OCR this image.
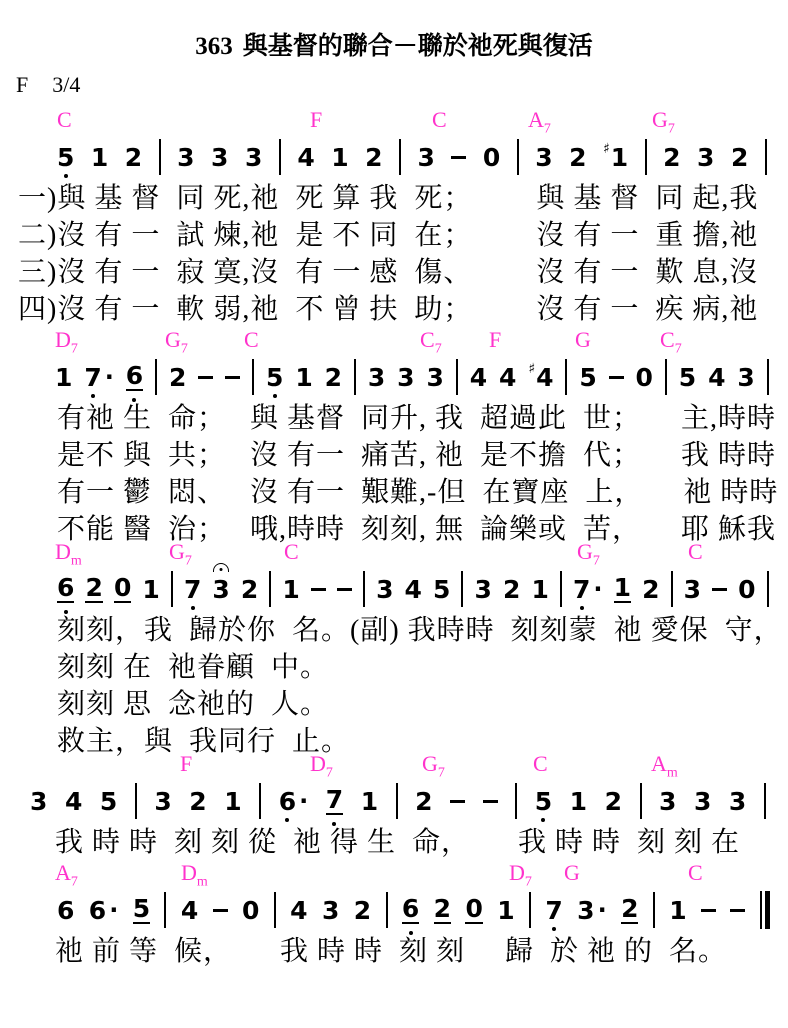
363 與基督的聯合－聯於祂死與復活
F 3/4
C	F	C	$A_7$	$G_7$
5 1 2 3 3 3 4 1 2 3 0 3 2 ♯ 1 2 3 2
一)與 基 督  同 死,祂  死 算 我  死；        與 基 督  同 起,我
二)沒 有 一  試 煉,祂  是 不 同  在；        沒 有 一  重 擔,祂
三)沒 有 一  寂 寞,沒  有 一 感  傷、        沒 有 一  歎 息,沒
四)沒 有 一  軟 弱,祂  不 曾 扶  助；        沒 有 一  疾 病,祂
$D_7$	$G_7$	C	$C_7$ F	G	$C_7$
1 7 · 6 2	5 1 2 3 3 3 4 4 ♯ 4 5 0 5 4 3
有祂 生  命；   與 基督  同升, 我  超過此  世；     主,時時
是不 與  共；   沒 有一  痛苦, 祂  是不擔  代；     我 時時
有一 鬱  悶、   沒 有一  艱難,-但  在寶座  上，     祂 時時
不能 醫  治；   哦,時時  刻刻, 無  論樂或  苦，     耶 穌我
$D_m$	$G_7$	C	$G_7$	C
6 2 0 1 7 3 2 1	3 4 5 3 2 1 7 · 1 2 3 0
刻刻，我  歸於你  名。(副) 我時時  刻刻蒙  祂 愛保  守，
刻刻 在  祂眷顧  中。
刻刻 思  念祂的  人。
救主，與  我同行  止。
F	$D_7$	$G_7$	C	$A_m$
3 4 5 3 2 1 6 · 7 1 2	5 1 2 3 3 3
我 時 時  刻 刻 從  祂 得 生  命，      我 時 時  刻 刻 在
$A_7$	$D_m$	$D_7$ G	C
6 6 · 5 4 0 4 3 2 6 2 0 1 7 3 · 2 1
祂 前 等  候，      我 時 時  刻 刻     歸  於 祂 的  名。
